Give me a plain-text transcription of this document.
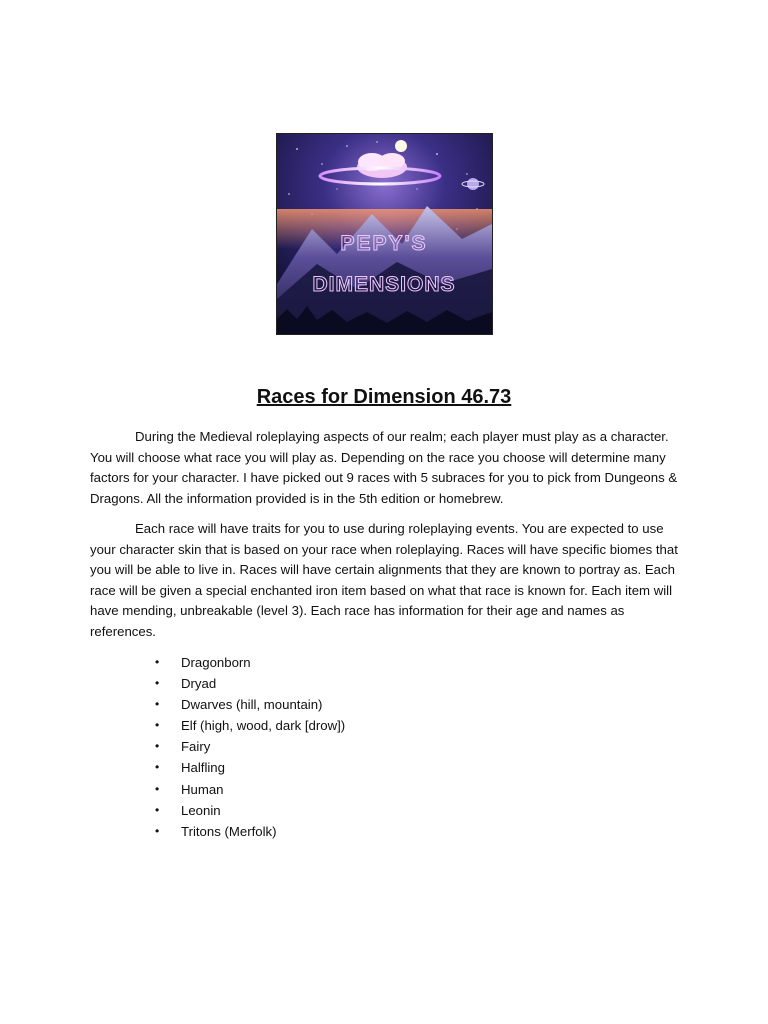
PEPY'S
DIMENSIONS
Races for Dimension 46.73

During the Medieval roleplaying aspects of our realm; each player must play as a character. You will choose what race you will play as. Depending on the race you choose will determine many factors for your character. I have picked out 9 races with 5 subraces for you to pick from Dungeons & Dragons. All the information provided is in the 5th edition or homebrew.

Each race will have traits for you to use during roleplaying events. You are expected to use your character skin that is based on your race when roleplaying. Races will have specific biomes that you will be able to live in. Races will have certain alignments that they are known to portray as. Each race will be given a special enchanted iron item based on what that race is known for. Each item will have mending, unbreakable (level 3). Each race has information for their age and names as references.

•	Dragonborn
•	Dryad
•	Dwarves (hill, mountain)
•	Elf (high, wood, dark [drow])
•	Fairy
•	Halfling
•	Human
•	Leonin
•	Tritons (Merfolk)
